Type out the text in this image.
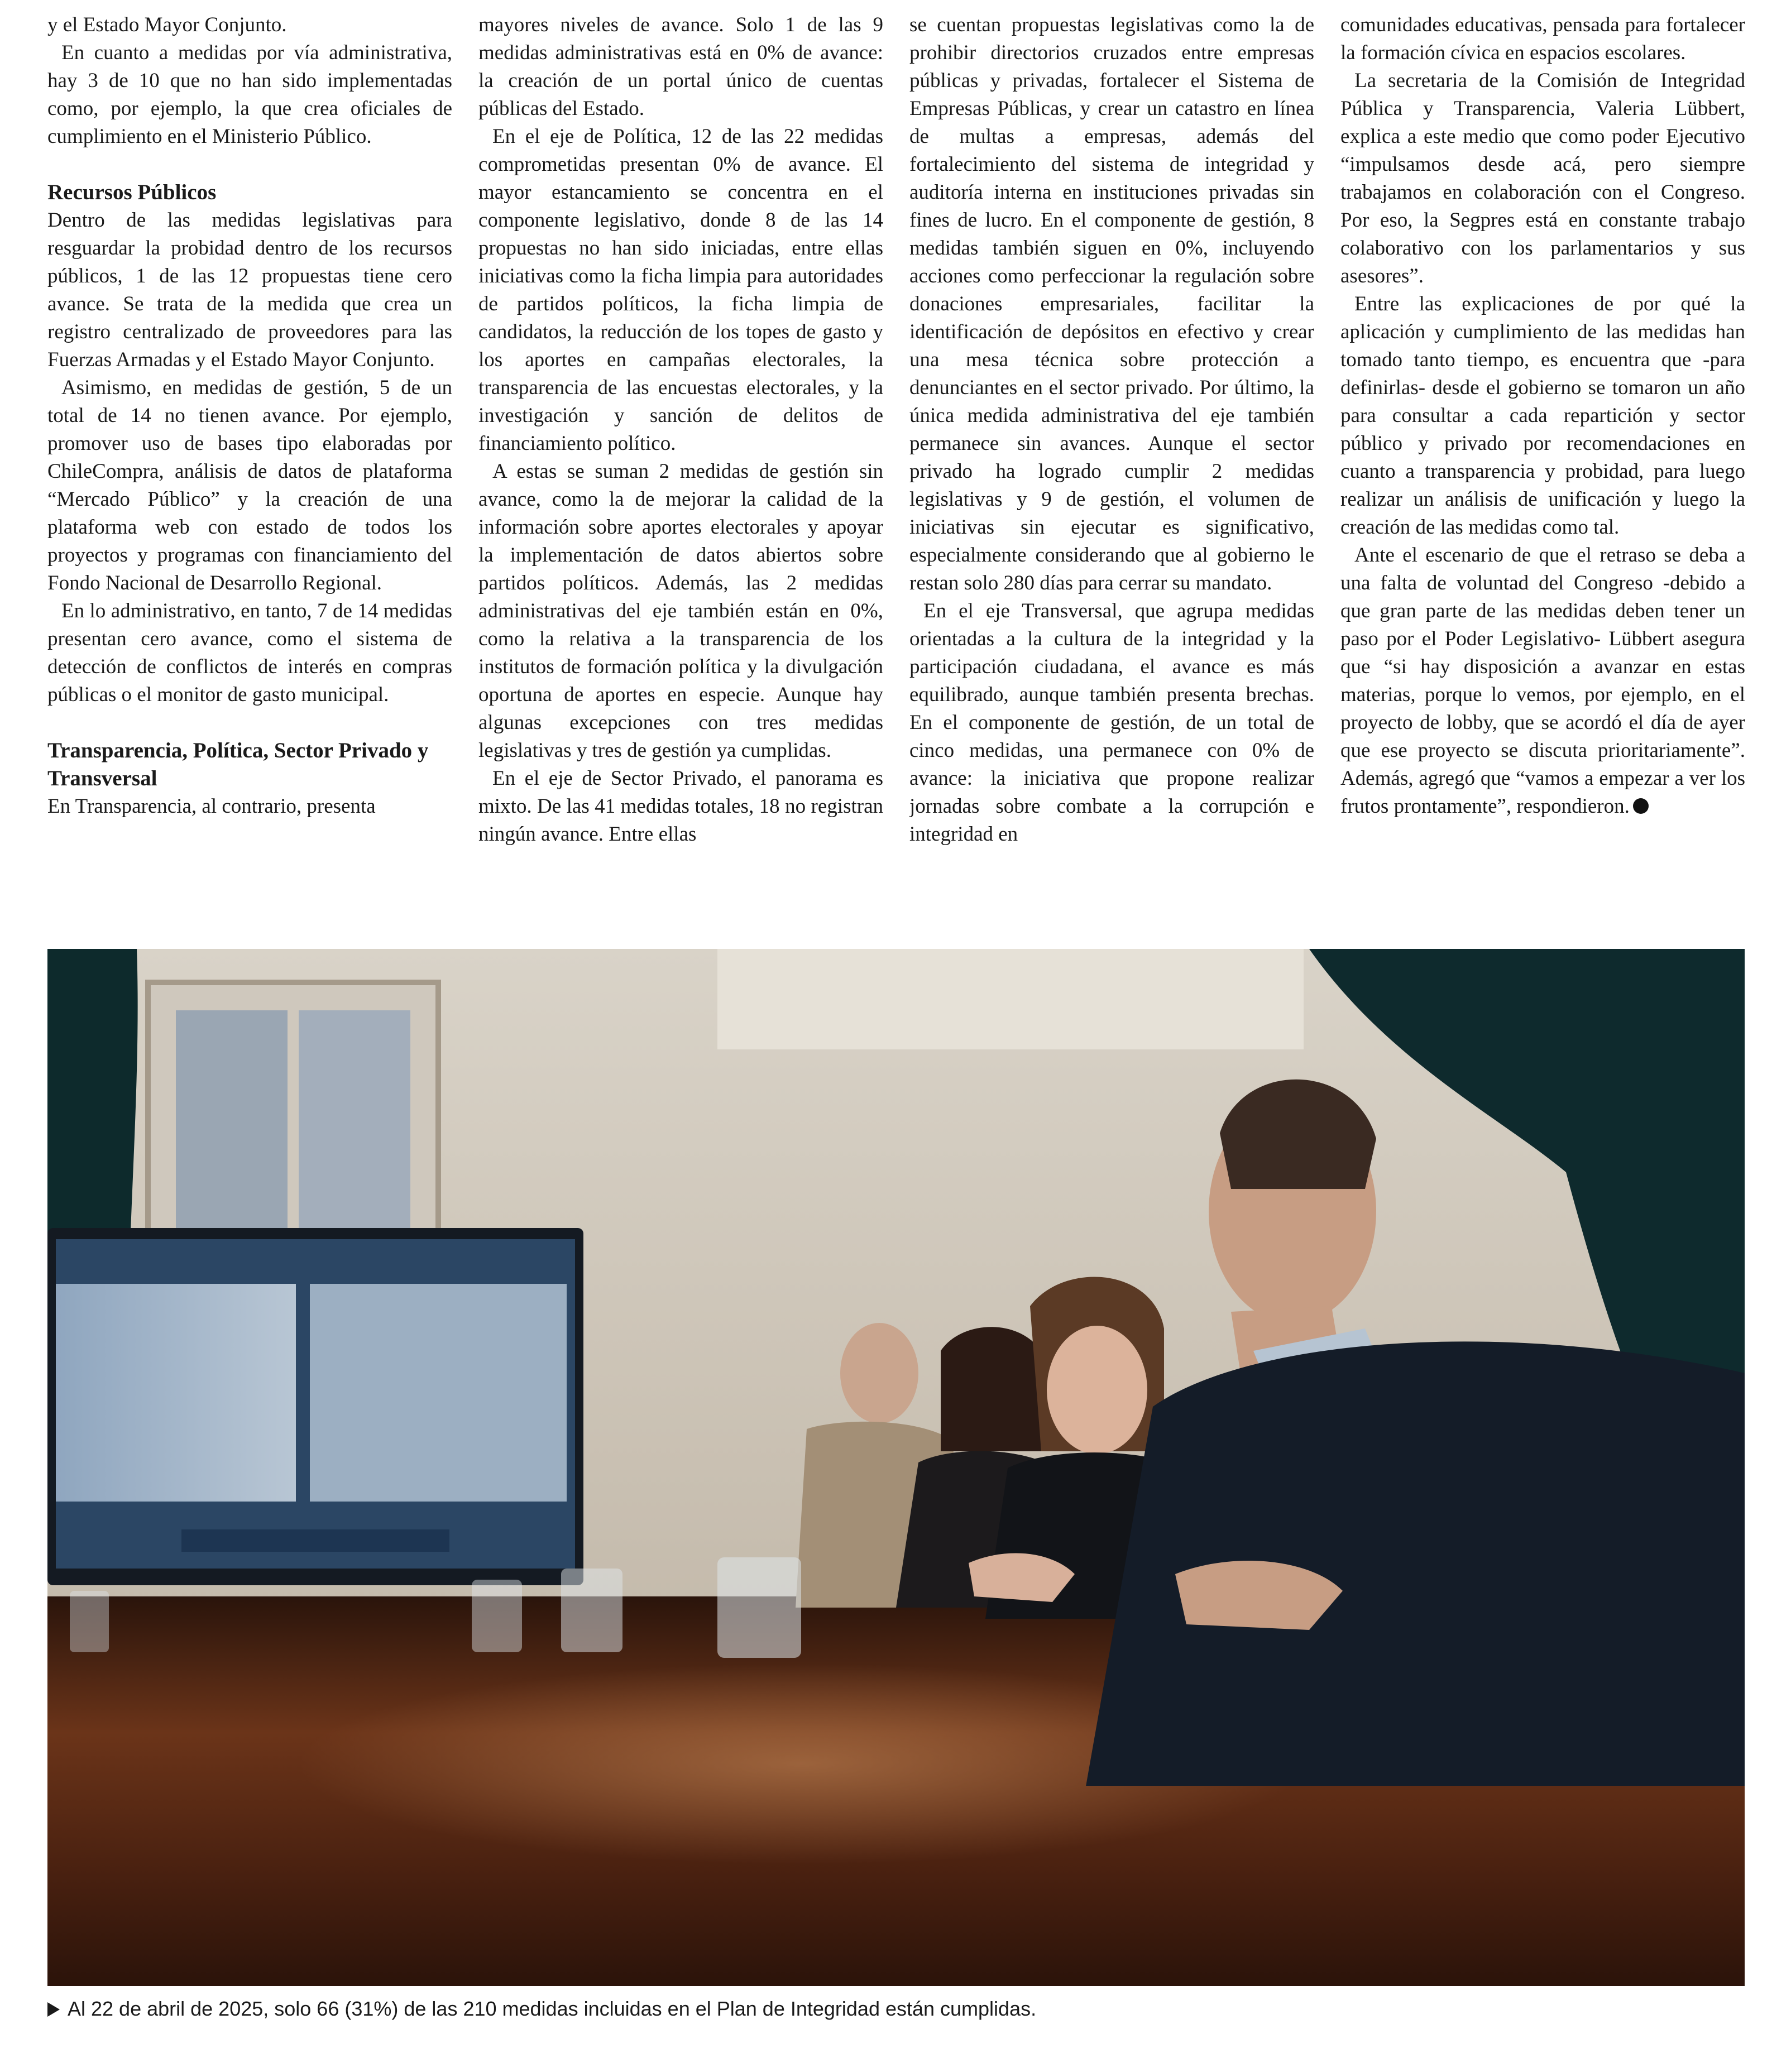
y el Estado Mayor Conjunto.

En cuanto a medidas por vía administrativa, hay 3 de 10 que no han sido implementadas como, por ejemplo, la que crea oficiales de cumplimiento en el Ministerio Público.

Recursos Públicos

Dentro de las medidas legislativas para resguardar la probidad dentro de los recursos públicos, 1 de las 12 propuestas tiene cero avance. Se trata de la medida que crea un registro centralizado de proveedores para las Fuerzas Armadas y el Estado Mayor Conjunto.

Asimismo, en medidas de gestión, 5 de un total de 14 no tienen avance. Por ejemplo, promover uso de bases tipo elaboradas por ChileCompra, análisis de datos de plataforma “Mercado Público” y la creación de una plataforma web con estado de todos los proyectos y programas con financiamiento del Fondo Nacional de Desarrollo Regional.

En lo administrativo, en tanto, 7 de 14 medidas presentan cero avance, como el sistema de detección de conflictos de interés en compras públicas o el monitor de gasto municipal.

Transparencia, Política, Sector Privado y Transversal

En Transparencia, al contrario, presenta

mayores niveles de avance. Solo 1 de las 9 medidas administrativas está en 0% de avance: la creación de un portal único de cuentas públicas del Estado.

En el eje de Política, 12 de las 22 medidas comprometidas presentan 0% de avance. El mayor estancamiento se concentra en el componente legislativo, donde 8 de las 14 propuestas no han sido iniciadas, entre ellas iniciativas como la ficha limpia para autoridades de partidos políticos, la ficha limpia de candidatos, la reducción de los topes de gasto y los aportes en campañas electorales, la transparencia de las encuestas electorales, y la investigación y sanción de delitos de financiamiento político.

A estas se suman 2 medidas de gestión sin avance, como la de mejorar la calidad de la información sobre aportes electorales y apoyar la implementación de datos abiertos sobre partidos políticos. Además, las 2 medidas administrativas del eje también están en 0%, como la relativa a la transparencia de los institutos de formación política y la divulgación oportuna de aportes en especie. Aunque hay algunas excepciones con tres medidas legislativas y tres de gestión ya cumplidas.

En el eje de Sector Privado, el panorama es mixto. De las 41 medidas totales, 18 no registran ningún avance. Entre ellas

se cuentan propuestas legislativas como la de prohibir directorios cruzados entre empresas públicas y privadas, fortalecer el Sistema de Empresas Públicas, y crear un catastro en línea de multas a empresas, además del fortalecimiento del sistema de integridad y auditoría interna en instituciones privadas sin fines de lucro. En el componente de gestión, 8 medidas también siguen en 0%, incluyendo acciones como perfeccionar la regulación sobre donaciones empresariales, facilitar la identificación de depósitos en efectivo y crear una mesa técnica sobre protección a denunciantes en el sector privado. Por último, la única medida administrativa del eje también permanece sin avances. Aunque el sector privado ha logrado cumplir 2 medidas legislativas y 9 de gestión, el volumen de iniciativas sin ejecutar es significativo, especialmente considerando que al gobierno le restan solo 280 días para cerrar su mandato.

En el eje Transversal, que agrupa medidas orientadas a la cultura de la integridad y la participación ciudadana, el avance es más equilibrado, aunque también presenta brechas. En el componente de gestión, de un total de cinco medidas, una permanece con 0% de avance: la iniciativa que propone realizar jornadas sobre combate a la corrupción e integridad en

comunidades educativas, pensada para fortalecer la formación cívica en espacios escolares.

La secretaria de la Comisión de Integridad Pública y Transparencia, Valeria Lübbert, explica a este medio que como poder Ejecutivo “impulsamos desde acá, pero siempre trabajamos en colaboración con el Congreso. Por eso, la Segpres está en constante trabajo colaborativo con los parlamentarios y sus asesores”.

Entre las explicaciones de por qué la aplicación y cumplimiento de las medidas han tomado tanto tiempo, es encuentra que -para definirlas- desde el gobierno se tomaron un año para consultar a cada repartición y sector público y privado por recomendaciones en cuanto a transparencia y probidad, para luego realizar un análisis de unificación y luego la creación de las medidas como tal.

Ante el escenario de que el retraso se deba a una falta de voluntad del Congreso -debido a que gran parte de las medidas deben tener un paso por el Poder Legislativo- Lübbert asegura que “si hay disposición a avanzar en estas materias, porque lo vemos, por ejemplo, en el proyecto de lobby, que se acordó el día de ayer que ese proyecto se discuta prioritariamente”. Además, agregó que “vamos a empezar a ver los frutos prontamente”, respondieron.

Al 22 de abril de 2025, solo 66 (31%) de las 210 medidas incluidas en el Plan de Integridad están cumplidas.
